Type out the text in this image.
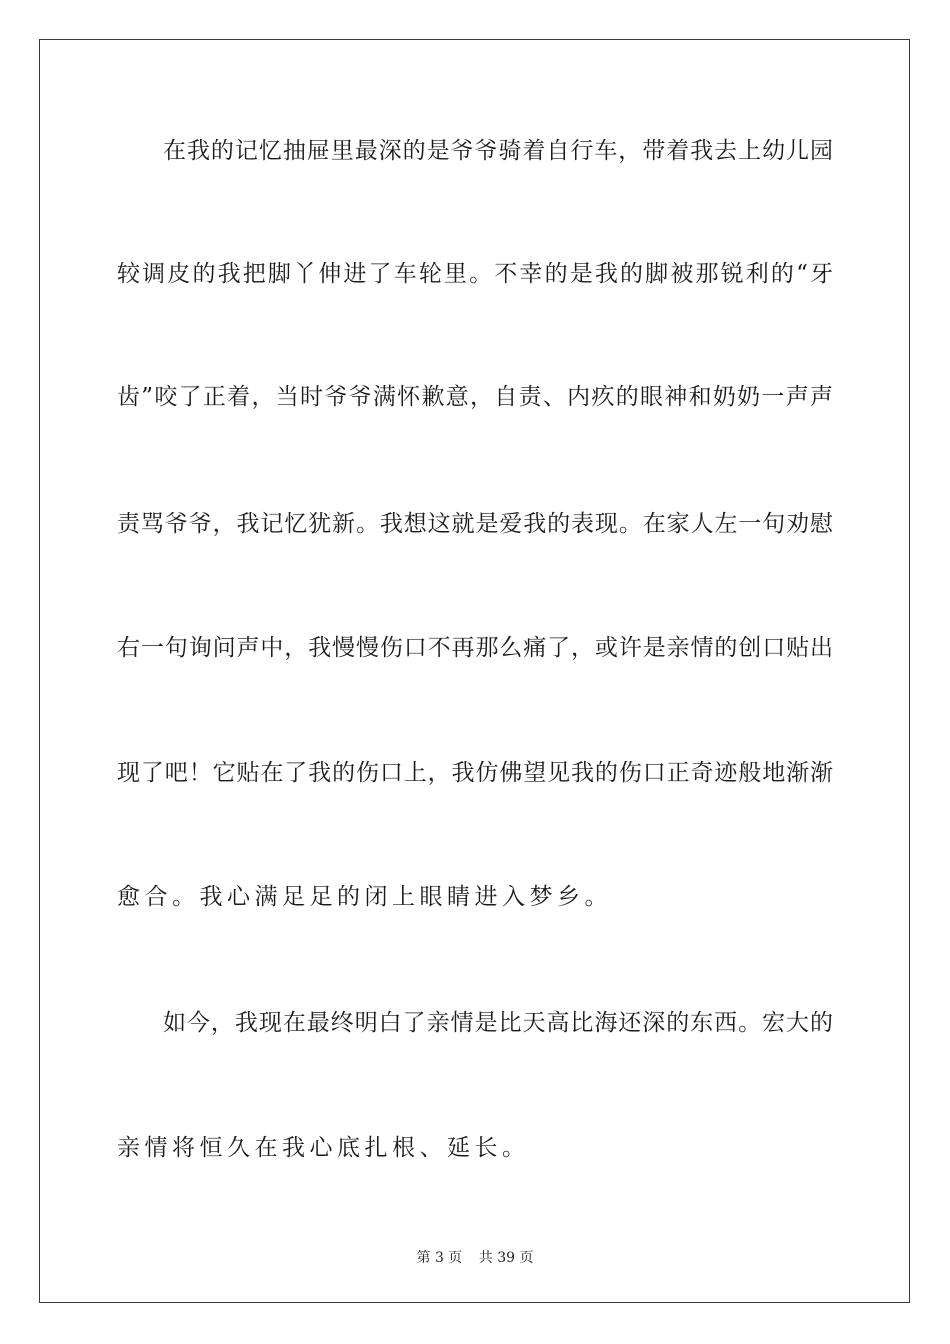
在我的记忆抽屉里最深的是爷爷骑着自行车，带着我去上幼儿园
较调皮的我把脚丫伸进了车轮里。不幸的是我的脚被那锐利的“牙
齿”咬了正着，当时爷爷满怀歉意，自责、内疚的眼神和奶奶一声声
责骂爷爷，我记忆犹新。我想这就是爱我的表现。在家人左一句劝慰
右一句询问声中，我慢慢伤口不再那么痛了，或许是亲情的创口贴出
现了吧！它贴在了我的伤口上，我仿佛望见我的伤口正奇迹般地渐渐
愈合。我心满足足的闭上眼睛进入梦乡。
如今，我现在最终明白了亲情是比天高比海还深的东西。宏大的
亲情将恒久在我心底扎根、延长。
第 3 页 共 39 页
